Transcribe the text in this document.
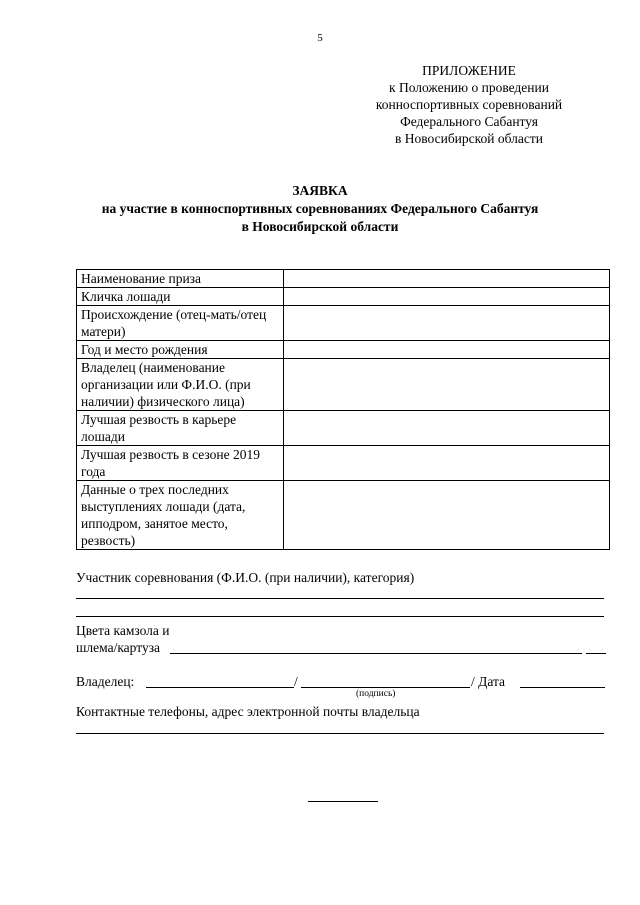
5
ПРИЛОЖЕНИЕ
к Положению о проведении
конноспортивных соревнований
Федерального Сабантуя
в Новосибирской области
ЗАЯВКА
на участие в конноспортивных соревнованиях Федерального Сабантуя
в Новосибирской области
Наименование приза	
Кличка лошади	
Происхождение (отец-мать/отец матери)	
Год и место рождения	
Владелец (наименование организации или Ф.И.О. (при наличии) физического лица)	
Лучшая резвость в карьере лошади	
Лучшая резвость в сезоне 2019 года	
Данные о трех последних выступлениях лошади (дата, ипподром, занятое место, резвость)	
Участник соревнования (Ф.И.О. (при наличии), категория)
Цвета камзола и
шлема/картуза
Владелец:	/	/ Дата
(подпись)
Контактные телефоны, адрес электронной почты владельца
